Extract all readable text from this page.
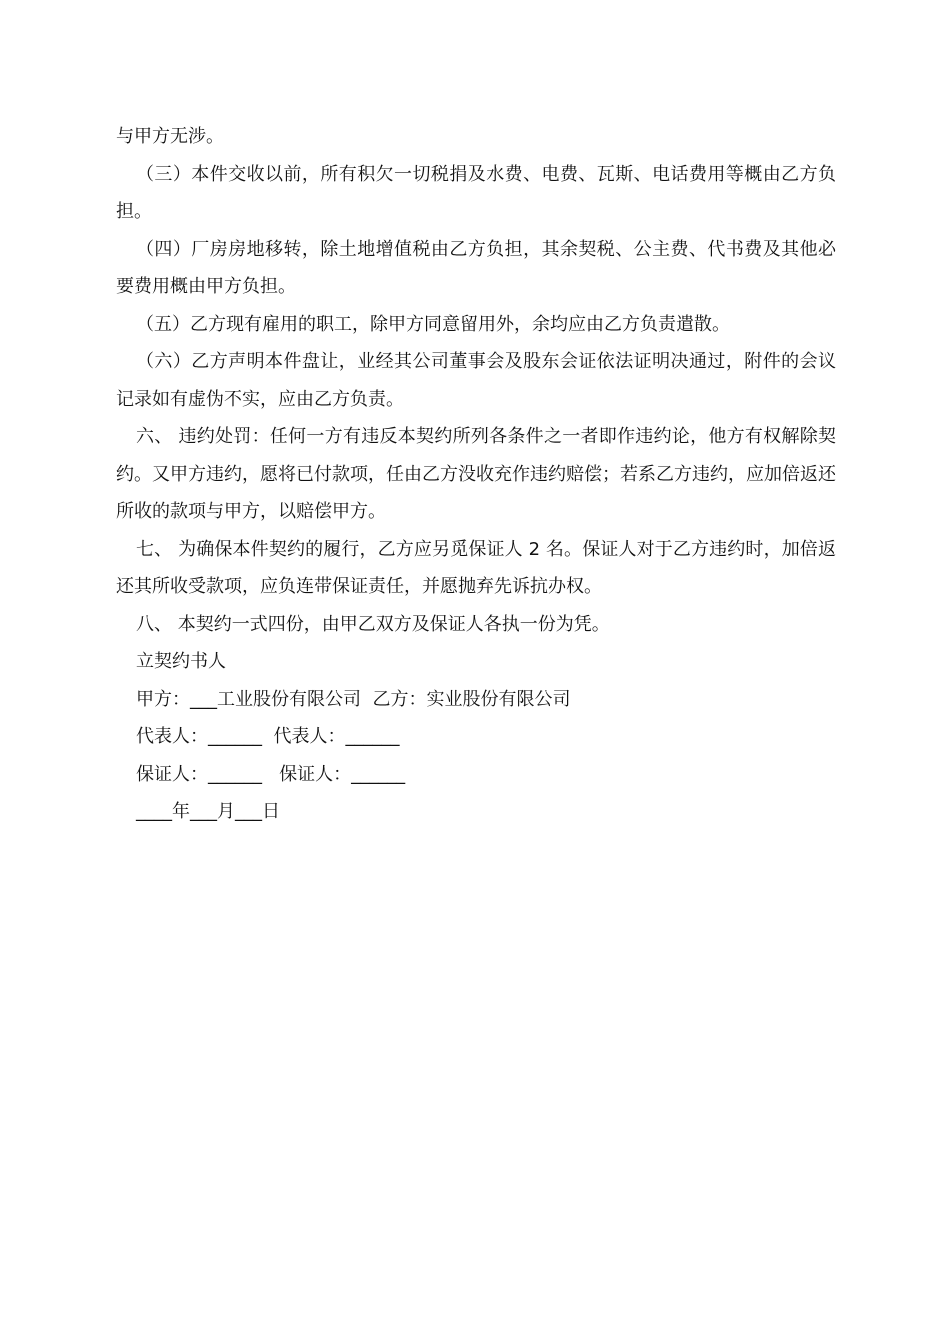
与甲方无涉。

（三）本件交收以前，所有积欠一切税捐及水费、电费、瓦斯、电话费用等概由乙方负担。

（四）厂房房地移转，除土地增值税由乙方负担，其余契税、公主费、代书费及其他必要费用概由甲方负担。

（五）乙方现有雇用的职工，除甲方同意留用外，余均应由乙方负责遣散。

（六）乙方声明本件盘让，业经其公司董事会及股东会证依法证明决通过，附件的会议记录如有虚伪不实，应由乙方负责。

六、 违约处罚：任何一方有违反本契约所列各条件之一者即作违约论，他方有权解除契约。又甲方违约，愿将已付款项，任由乙方没收充作违约赔偿；若系乙方违约，应加倍返还所收的款项与甲方，以赔偿甲方。

七、 为确保本件契约的履行，乙方应另觅保证人 2 名。保证人对于乙方违约时，加倍返还其所收受款项，应负连带保证责任，并愿抛弃先诉抗办权。

八、 本契约一式四份，由甲乙双方及保证人各执一份为凭。

立契约书人

甲方：___工业股份有限公司  乙方：实业股份有限公司

代表人：______  代表人：______

保证人：______   保证人：______

____年___月___日
